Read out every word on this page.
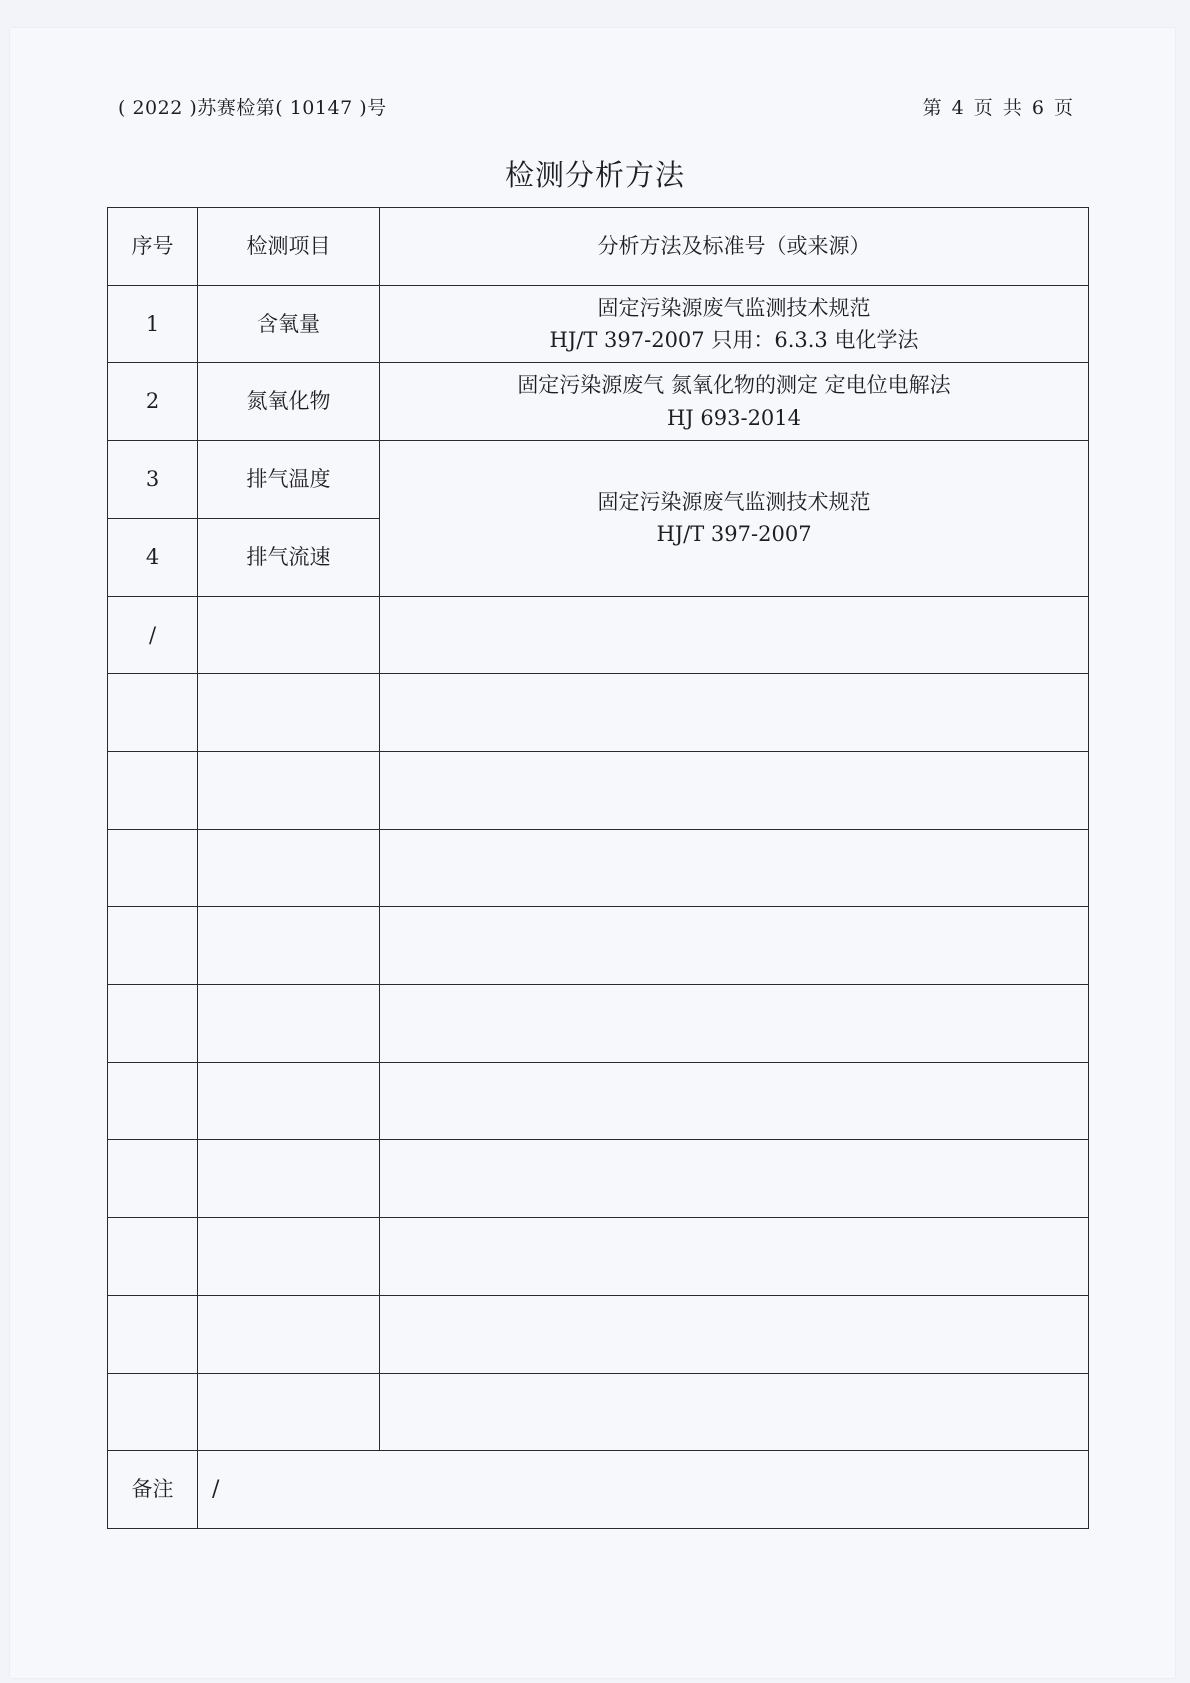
( 2022 )苏赛检第( 10147 )号	第 4 页 共 6 页
检测分析方法
序号	检测项目	分析方法及标准号（或来源）
1	含氧量	固定污染源废气监测技术规范
HJ/T 397-2007 只用：6.3.3 电化学法

2	氮氧化物	固定污染源废气 氮氧化物的测定 定电位电解法
HJ 693-2014

3	排气温度	固定污染源废气监测技术规范
HJ/T 397-2007

4	排气流速	
/		

备注	/	
